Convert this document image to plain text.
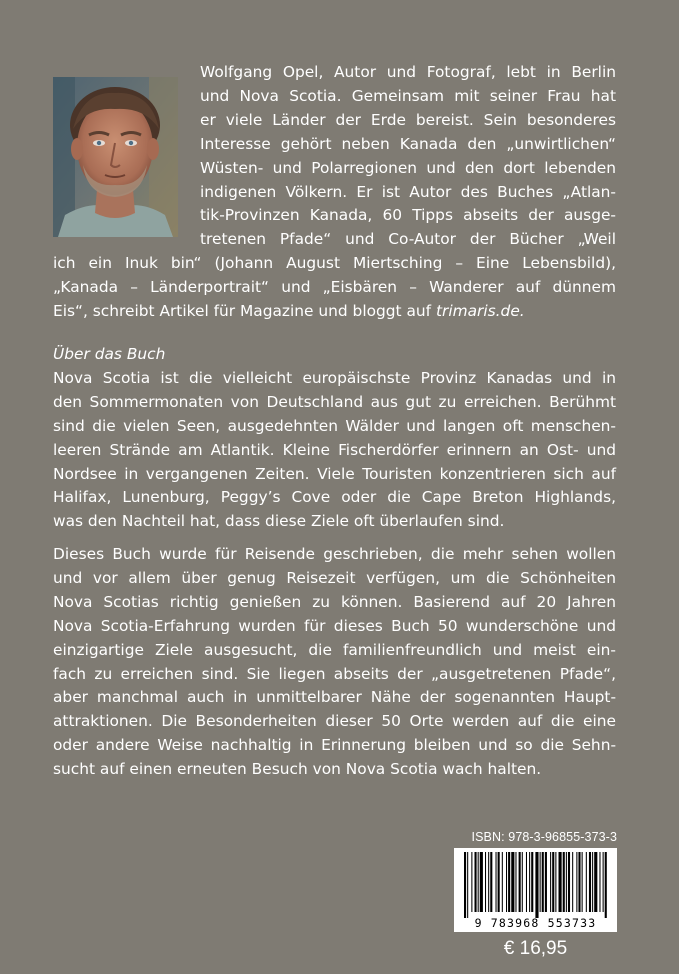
Wolfgang Opel, Autor und Fotograf, lebt in Berlin
und Nova Scotia. Gemeinsam mit seiner Frau hat
er viele Länder der Erde bereist. Sein besonderes
Interesse gehört neben Kanada den „unwirtlichen“
Wüsten- und Polarregionen und den dort lebenden
indigenen Völkern. Er ist Autor des Buches „Atlan-
tik-Provinzen Kanada, 60 Tipps abseits der ausge-
tretenen Pfade“ und Co-Autor der Bücher „Weil
ich ein Inuk bin“ (Johann August Miertsching – Eine Lebensbild),
„Kanada – Länderportrait“ und „Eisbären – Wanderer auf dünnem
Eis“, schreibt Artikel für Magazine und bloggt auf trimaris.de.
Über das Buch
Nova Scotia ist die vielleicht europäischste Provinz Kanadas und in
den Sommermonaten von Deutschland aus gut zu erreichen. Berühmt
sind die vielen Seen, ausgedehnten Wälder und langen oft menschen-
leeren Strände am Atlantik. Kleine Fischerdörfer erinnern an Ost- und
Nordsee in vergangenen Zeiten. Viele Touristen konzentrieren sich auf
Halifax, Lunenburg, Peggy’s Cove oder die Cape Breton Highlands,
was den Nachteil hat, dass diese Ziele oft überlaufen sind.
Dieses Buch wurde für Reisende geschrieben, die mehr sehen wollen
und vor allem über genug Reisezeit verfügen, um die Schönheiten
Nova Scotias richtig genießen zu können. Basierend auf 20 Jahren
Nova Scotia-Erfahrung wurden für dieses Buch 50 wunderschöne und
einzigartige Ziele ausgesucht, die familienfreundlich und meist ein-
fach zu erreichen sind. Sie liegen abseits der „ausgetretenen Pfade“,
aber manchmal auch in unmittelbarer Nähe der sogenannten Haupt-
attraktionen. Die Besonderheiten dieser 50 Orte werden auf die eine
oder andere Weise nachhaltig in Erinnerung bleiben und so die Sehn-
sucht auf einen erneuten Besuch von Nova Scotia wach halten.
ISBN: 978-3-96855-373-3
9 783968 553733
€ 16,95
